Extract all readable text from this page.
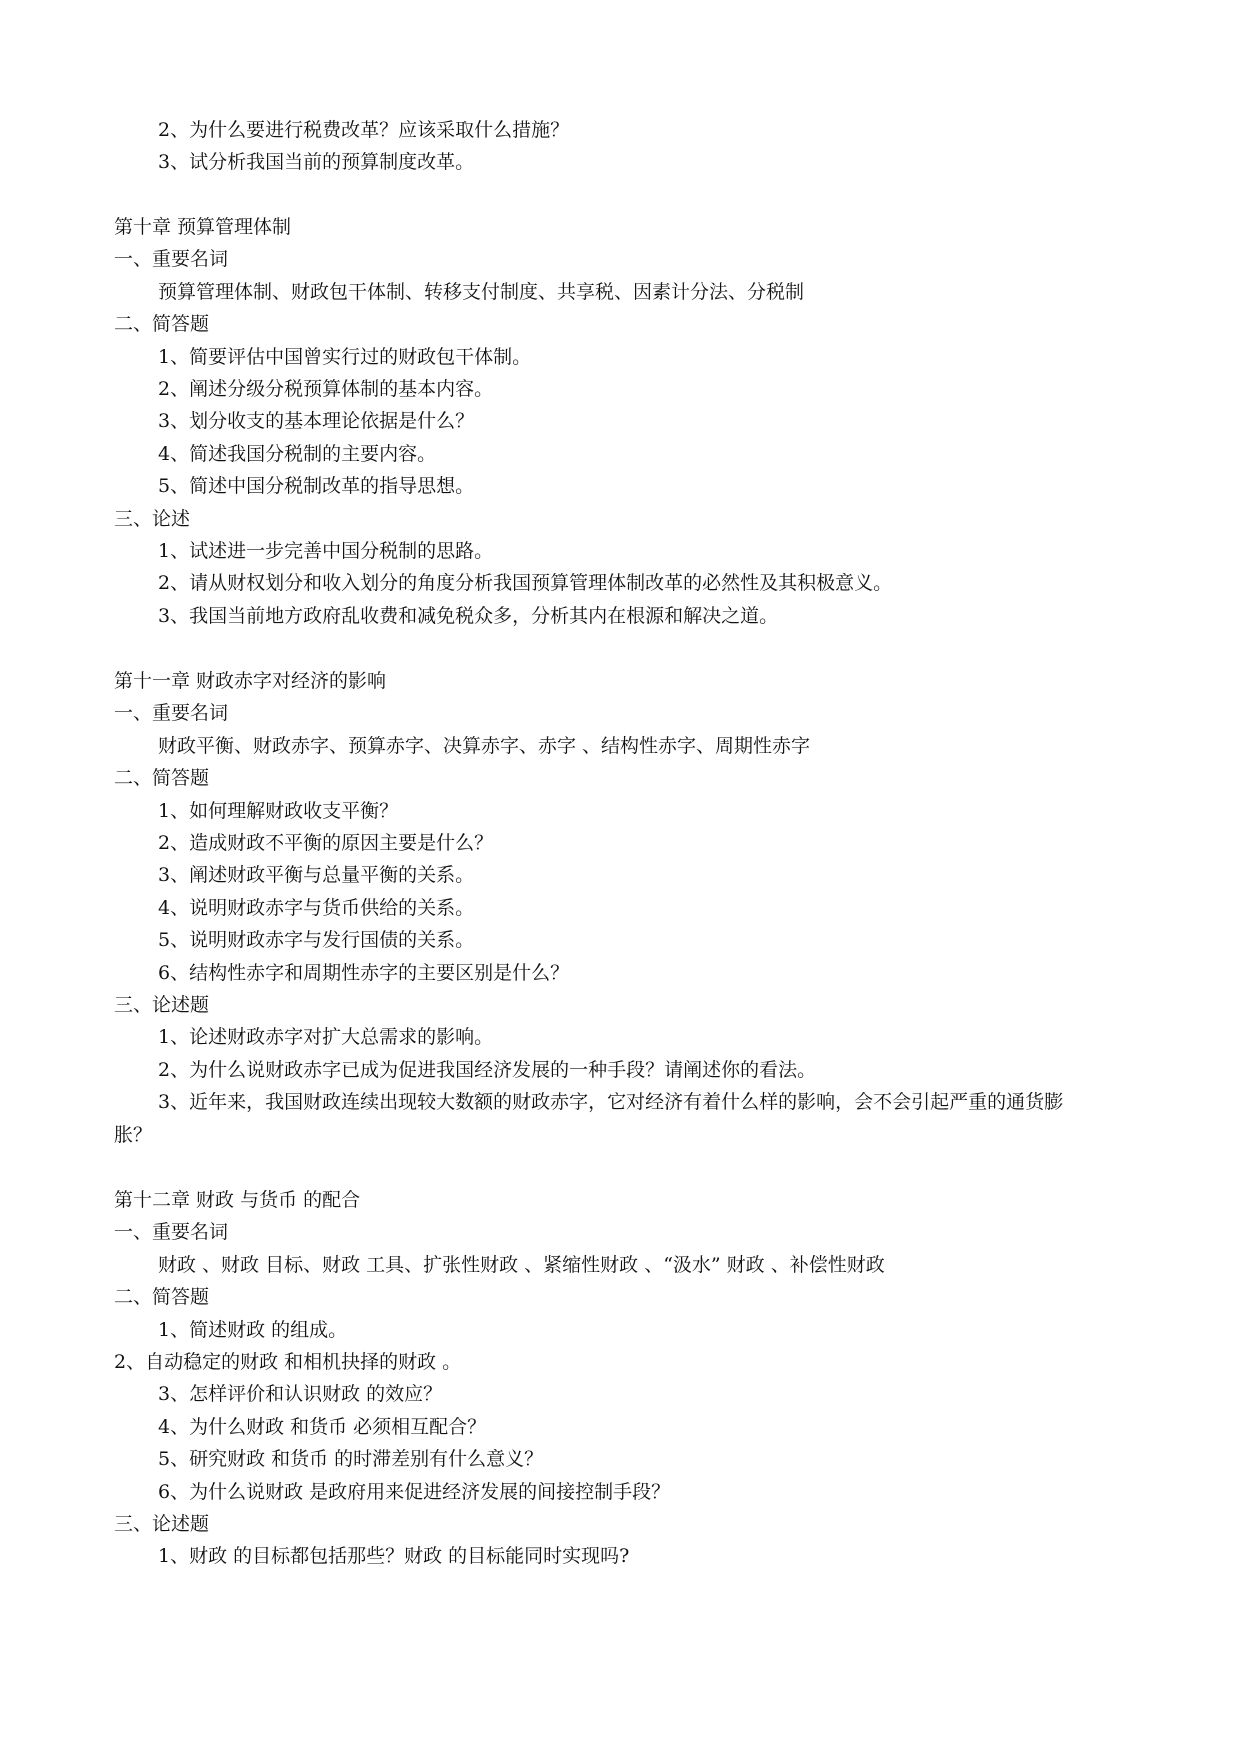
2、为什么要进行税费改革？应该采取什么措施？

3、试分析我国当前的预算制度改革。

第十章 预算管理体制

一、重要名词

预算管理体制、财政包干体制、转移支付制度、共享税、因素计分法、分税制

二、简答题

1、简要评估中国曾实行过的财政包干体制。

2、阐述分级分税预算体制的基本内容。

3、划分收支的基本理论依据是什么？

4、简述我国分税制的主要内容。

5、简述中国分税制改革的指导思想。

三、论述

1、试述进一步完善中国分税制的思路。

2、请从财权划分和收入划分的角度分析我国预算管理体制改革的必然性及其积极意义。

3、我国当前地方政府乱收费和减免税众多，分析其内在根源和解决之道。

第十一章 财政赤字对经济的影响

一、重要名词

财政平衡、财政赤字、预算赤字、决算赤字、赤字 、结构性赤字、周期性赤字

二、简答题

1、如何理解财政收支平衡？

2、造成财政不平衡的原因主要是什么？

3、阐述财政平衡与总量平衡的关系。

4、说明财政赤字与货币供给的关系。

5、说明财政赤字与发行国债的关系。

6、结构性赤字和周期性赤字的主要区别是什么？

三、论述题

1、论述财政赤字对扩大总需求的影响。

2、为什么说财政赤字已成为促进我国经济发展的一种手段？请阐述你的看法。

3、近年来，我国财政连续出现较大数额的财政赤字，它对经济有着什么样的影响，会不会引起严重的通货膨胀？

第十二章 财政 与货币 的配合

一、重要名词

财政 、财政 目标、财政 工具、扩张性财政 、紧缩性财政 、“汲水” 财政 、补偿性财政

二、简答题

1、简述财政 的组成。

2、自动稳定的财政 和相机抉择的财政 。

3、怎样评价和认识财政 的效应？

4、为什么财政 和货币 必须相互配合？

5、研究财政 和货币 的时滞差别有什么意义？

6、为什么说财政 是政府用来促进经济发展的间接控制手段？

三、论述题

1、财政 的目标都包括那些？财政 的目标能同时实现吗?
